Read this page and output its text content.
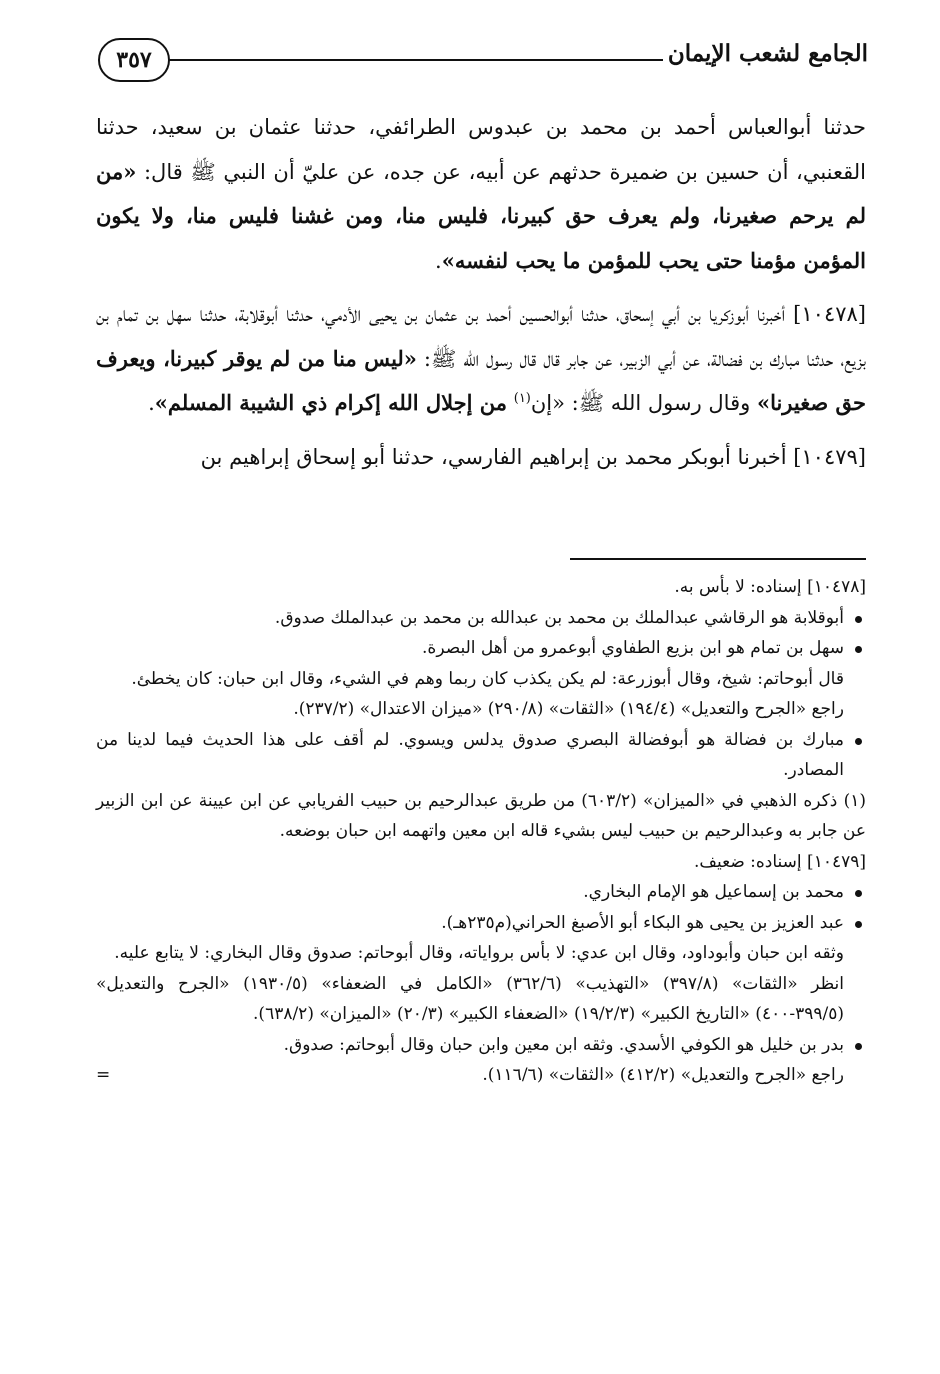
الجامع لشعب الإيمان
٣٥٧

حدثنا أبوالعباس أحمد بن محمد بن عبدوس الطرائفي، حدثنا عثمان بن سعيد، حدثنا القعنبي، أن حسين بن ضميرة حدثهم عن أبيه، عن جده، عن عليّ أن النبي ﷺ قال: «من لم يرحم صغيرنا، ولم يعرف حق كبيرنا، فليس منا، ومن غشنا فليس منا، ولا يكون المؤمن مؤمنا حتى يحب للمؤمن ما يحب لنفسه».

[١٠٤٧٨] أخبرنا أبوزكريا بن أبي إسحاق، حدثنا أبوالحسين أحمد بن عثمان بن يحيى الأدمي، حدثنا أبوقلابة، حدثنا سهل بن تمام بن بزيع، حدثنا مبارك بن فضالة، عن أبي الزبير، عن جابر قال قال رسول الله ﷺ: «ليس منا من لم يوقر كبيرنا، ويعرف حق صغيرنا» وقال رسول الله ﷺ: «إن$^{(١)}$ من إجلال الله إكرام ذي الشيبة المسلم».

[١٠٤٧٩] أخبرنا أبوبكر محمد بن إبراهيم الفارسي، حدثنا أبو إسحاق إبراهيم بن

[١٠٤٧٨] إسناده: لا بأس به.

أبوقلابة هو الرقاشي عبدالملك بن محمد بن عبدالله بن محمد بن عبدالملك صدوق.

سهل بن تمام هو ابن بزيع الطفاوي أبوعمرو من أهل البصرة.

قال أبوحاتم: شيخ، وقال أبوزرعة: لم يكن يكذب كان ربما وهم في الشيء، وقال ابن حبان: كان يخطئ.

راجع «الجرح والتعديل» (١٩٤/٤) «الثقات» (٢٩٠/٨) «ميزان الاعتدال» (٢٣٧/٢).

مبارك بن فضالة هو أبوفضالة البصري صدوق يدلس ويسوي. لم أقف على هذا الحديث فيما لدينا من المصادر.

(١) ذكره الذهبي في «الميزان» (٦٠٣/٢) من طريق عبدالرحيم بن حبيب الفريابي عن ابن عيينة عن ابن الزبير عن جابر به وعبدالرحيم بن حبيب ليس بشيء قاله ابن معين واتهمه ابن حبان بوضعه.

[١٠٤٧٩] إسناده: ضعيف.

محمد بن إسماعيل هو الإمام البخاري.

عبد العزيز بن يحيى هو البكاء أبو الأصبغ الحراني(م٢٣٥هـ).

وثقه ابن حبان وأبوداود، وقال ابن عدي: لا بأس برواياته، وقال أبوحاتم: صدوق وقال البخاري: لا يتابع عليه.

انظر «الثقات» (٣٩٧/٨) «التهذيب» (٣٦٢/٦) «الكامل في الضعفاء» (١٩٣٠/٥) «الجرح والتعديل» (٣٩٩/٥-٤٠٠) «التاريخ الكبير» (١٩/٢/٣) «الضعفاء الكبير» (٢٠/٣) «الميزان» (٦٣٨/٢).

بدر بن خليل هو الكوفي الأسدي. وثقه ابن معين وابن حبان وقال أبوحاتم: صدوق.

=	راجع «الجرح والتعديل» (٤١٢/٢) «الثقات» (١١٦/٦).
